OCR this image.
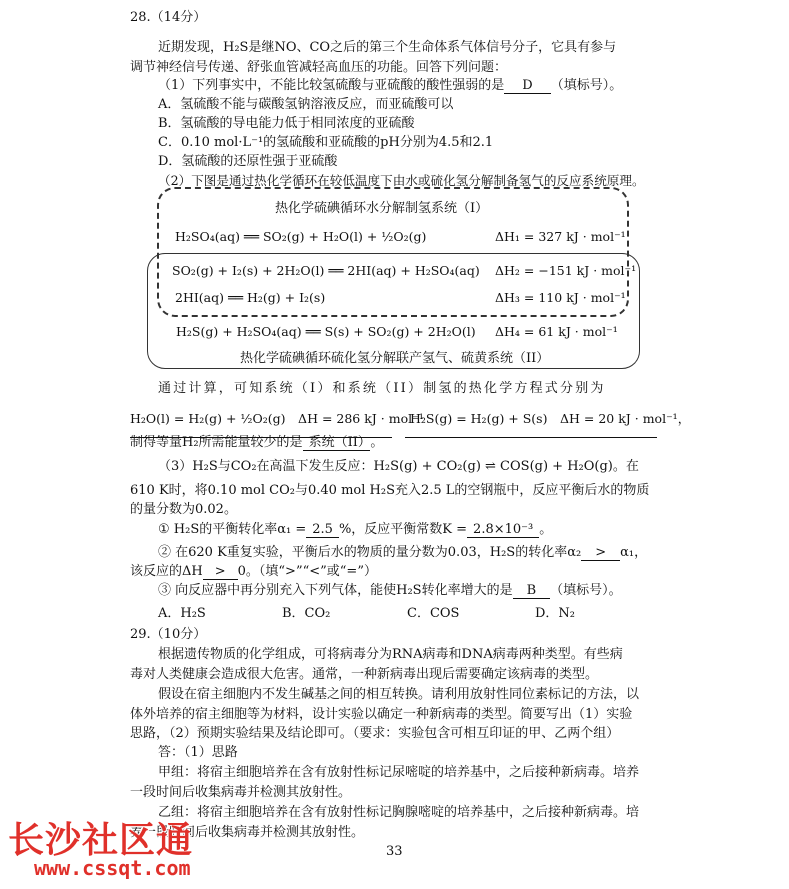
28.（14分）
近期发现，H₂S是继NO、CO之后的第三个生命体系气体信号分子，它具有参与
调节神经信号传递、舒张血管减轻高血压的功能。回答下列问题：
（1）下列事实中，不能比较氢硫酸与亚硫酸的酸性强弱的是 D （填标号）。
A．氢硫酸不能与碳酸氢钠溶液反应，而亚硫酸可以
B．氢硫酸的导电能力低于相同浓度的亚硫酸
C．0.10 mol·L⁻¹的氢硫酸和亚硫酸的pH分别为4.5和2.1
D．氢硫酸的还原性强于亚硫酸
（2）下图是通过热化学循环在较低温度下由水或硫化氢分解制备氢气的反应系统原理。
热化学硫碘循环水分解制氢系统（I）
H₂SO₄(aq) ══ SO₂(g) + H₂O(l) + ½O₂(g)	ΔH₁ = 327 kJ · mol⁻¹
SO₂(g) + I₂(s) + 2H₂O(l) ══ 2HI(aq) + H₂SO₄(aq) ΔH₂ = −151 kJ · mol⁻¹
2HI(aq) ══ H₂(g) + I₂(s)	ΔH₃ = 110 kJ · mol⁻¹
H₂S(g) + H₂SO₄(aq) ══ S(s) + SO₂(g) + 2H₂O(l) ΔH₄ = 61 kJ · mol⁻¹
热化学硫碘循环硫化氢分解联产氢气、硫黄系统（II）
通过计算，可知系统（I）和系统（II）制氢的热化学方程式分别为
H₂O(l) = H₂(g) + ½O₂(g)　ΔH = 286 kJ · mol⁻¹
H₂S(g) = H₂(g) + S(s)　ΔH = 20 kJ · mol⁻¹，
制得等量H₂所需能量较少的是 系统（II） 。
（3）H₂S与CO₂在高温下发生反应：H₂S(g) + CO₂(g) ⇌ COS(g) + H₂O(g)。在
610 K时，将0.10 mol CO₂与0.40 mol H₂S充入2.5 L的空钢瓶中，反应平衡后水的物质
的量分数为0.02。
① H₂S的平衡转化率α₁ = 2.5 %，反应平衡常数K = 2.8×10⁻³ 。
② 在620 K重复实验，平衡后水的物质的量分数为0.03，H₂S的转化率α₂ > α₁，
该反应的ΔH > 0。（填“>”“<”或“=”）
③ 向反应器中再分别充入下列气体，能使H₂S转化率增大的是 B （填标号）。
A．H₂S	B．CO₂	C．COS	D．N₂
29.（10分）
根据遗传物质的化学组成，可将病毒分为RNA病毒和DNA病毒两种类型。有些病
毒对人类健康会造成很大危害。通常，一种新病毒出现后需要确定该病毒的类型。
假设在宿主细胞内不发生碱基之间的相互转换。请利用放射性同位素标记的方法，以
体外培养的宿主细胞等为材料，设计实验以确定一种新病毒的类型。简要写出（1）实验
思路，（2）预期实验结果及结论即可。（要求：实验包含可相互印证的甲、乙两个组）
答：（1）思路
甲组：将宿主细胞培养在含有放射性标记尿嘧啶的培养基中，之后接种新病毒。培养
一段时间后收集病毒并检测其放射性。
乙组：将宿主细胞培养在含有放射性标记胸腺嘧啶的培养基中，之后接种新病毒。培
养一段时间后收集病毒并检测其放射性。
33
长沙社区通
www.cssqt.com
